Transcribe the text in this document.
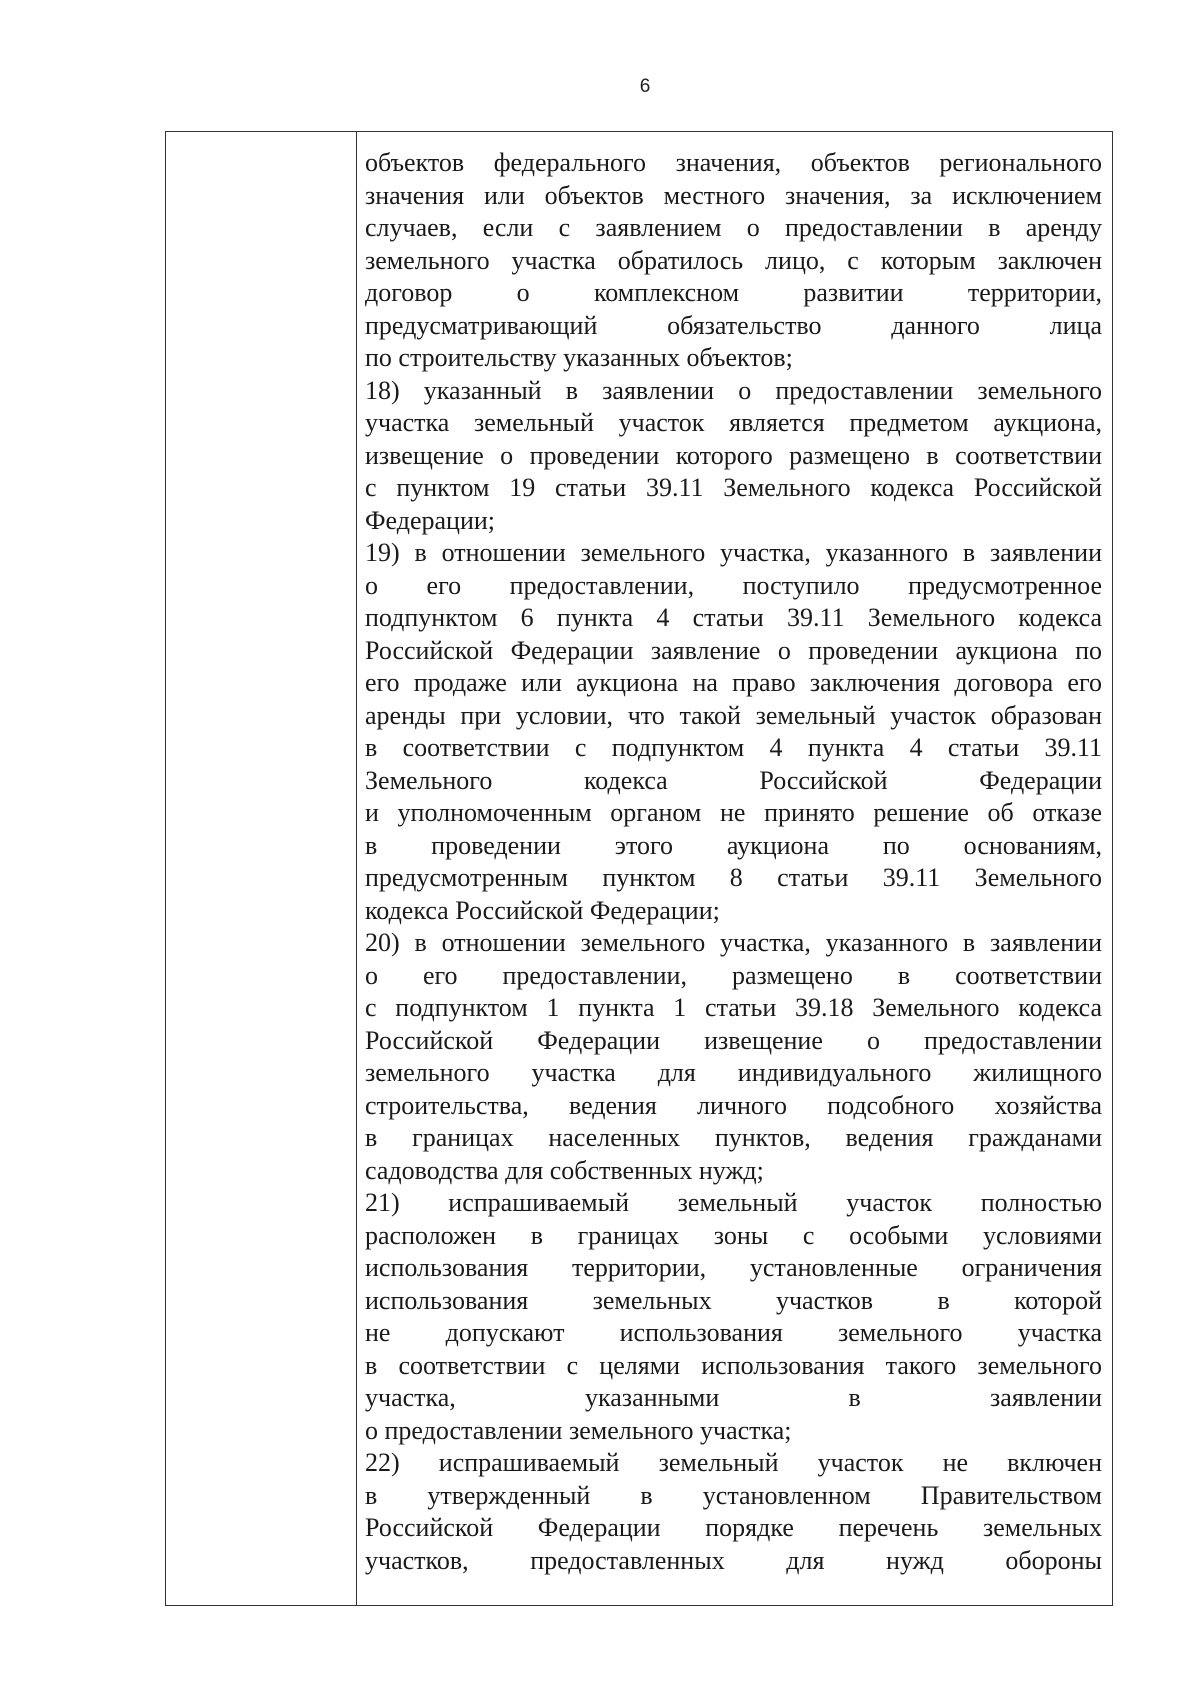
6
объектов федерального значения, объектов регионального
значения или объектов местного значения, за исключением
случаев, если с заявлением о предоставлении в аренду
земельного участка обратилось лицо, с которым заключен
договор о комплексном развитии территории,
предусматривающий обязательство данного лица
по строительству указанных объектов;
18) указанный в заявлении о предоставлении земельного
участка земельный участок является предметом аукциона,
извещение о проведении которого размещено в соответствии
с пунктом 19 статьи 39.11 Земельного кодекса Российской
Федерации;
19) в отношении земельного участка, указанного в заявлении
о его предоставлении, поступило предусмотренное
подпунктом 6 пункта 4 статьи 39.11 Земельного кодекса
Российской Федерации заявление о проведении аукциона по
его продаже или аукциона на право заключения договора его
аренды при условии, что такой земельный участок образован
в соответствии с подпунктом 4 пункта 4 статьи 39.11
Земельного кодекса Российской Федерации
и уполномоченным органом не принято решение об отказе
в проведении этого аукциона по основаниям,
предусмотренным пунктом 8 статьи 39.11 Земельного
кодекса Российской Федерации;
20) в отношении земельного участка, указанного в заявлении
о его предоставлении, размещено в соответствии
с подпунктом 1 пункта 1 статьи 39.18 Земельного кодекса
Российской Федерации извещение о предоставлении
земельного участка для индивидуального жилищного
строительства, ведения личного подсобного хозяйства
в границах населенных пунктов, ведения гражданами
садоводства для собственных нужд;
21) испрашиваемый земельный участок полностью
расположен в границах зоны с особыми условиями
использования территории, установленные ограничения
использования земельных участков в которой
не допускают использования земельного участка
в соответствии с целями использования такого земельного
участка, указанными в заявлении
о предоставлении земельного участка;
22) испрашиваемый земельный участок не включен
в утвержденный в установленном Правительством
Российской Федерации порядке перечень земельных
участков, предоставленных для нужд обороны
